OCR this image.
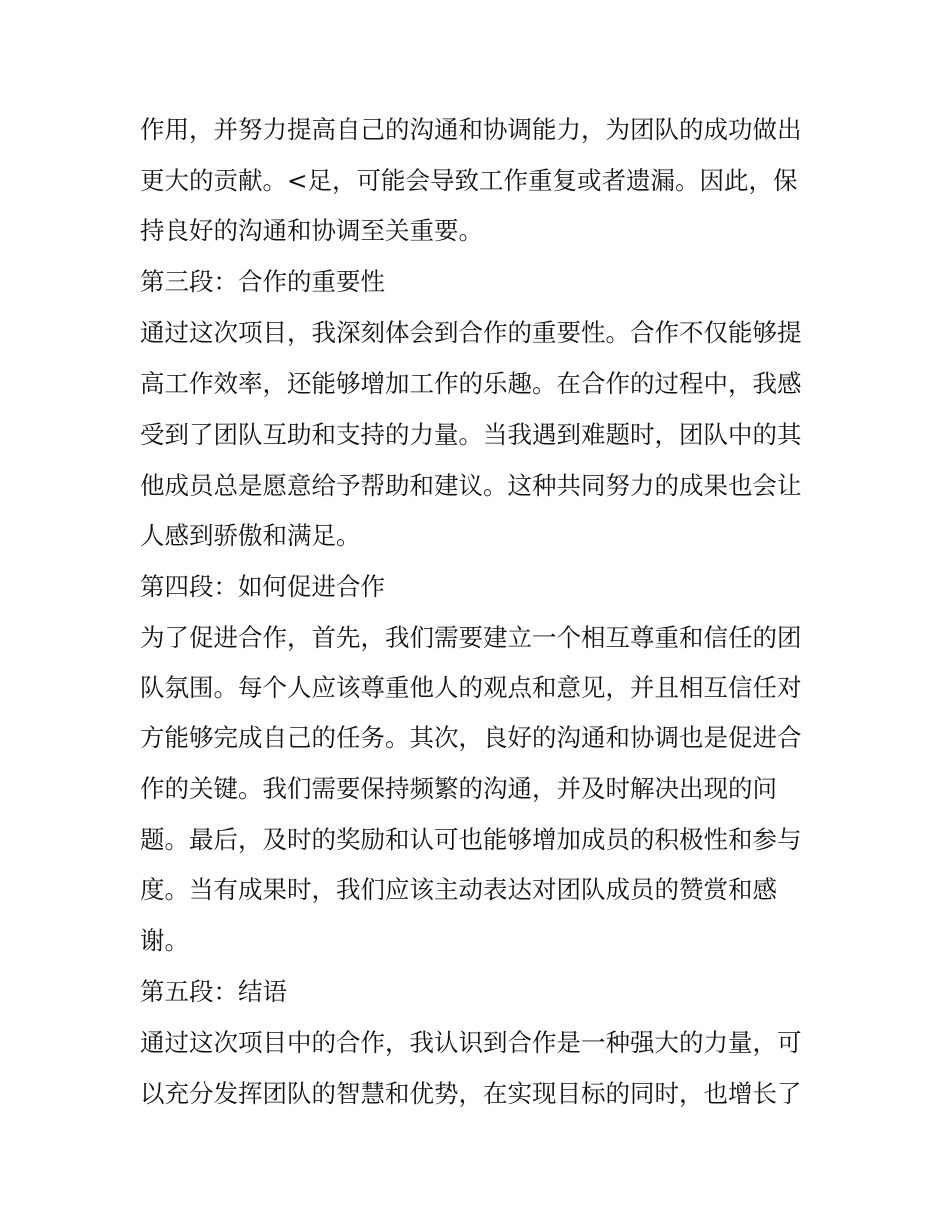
作用，并努力提高自己的沟通和协调能力，为团队的成功做出
更大的贡献。<足，可能会导致工作重复或者遗漏。因此，保
持良好的沟通和协调至关重要。
第三段：合作的重要性
通过这次项目，我深刻体会到合作的重要性。合作不仅能够提
高工作效率，还能够增加工作的乐趣。在合作的过程中，我感
受到了团队互助和支持的力量。当我遇到难题时，团队中的其
他成员总是愿意给予帮助和建议。这种共同努力的成果也会让
人感到骄傲和满足。
第四段：如何促进合作
为了促进合作，首先，我们需要建立一个相互尊重和信任的团
队氛围。每个人应该尊重他人的观点和意见，并且相互信任对
方能够完成自己的任务。其次，良好的沟通和协调也是促进合
作的关键。我们需要保持频繁的沟通，并及时解决出现的问
题。最后，及时的奖励和认可也能够增加成员的积极性和参与
度。当有成果时，我们应该主动表达对团队成员的赞赏和感
谢。
第五段：结语
通过这次项目中的合作，我认识到合作是一种强大的力量，可
以充分发挥团队的智慧和优势，在实现目标的同时，也增长了
